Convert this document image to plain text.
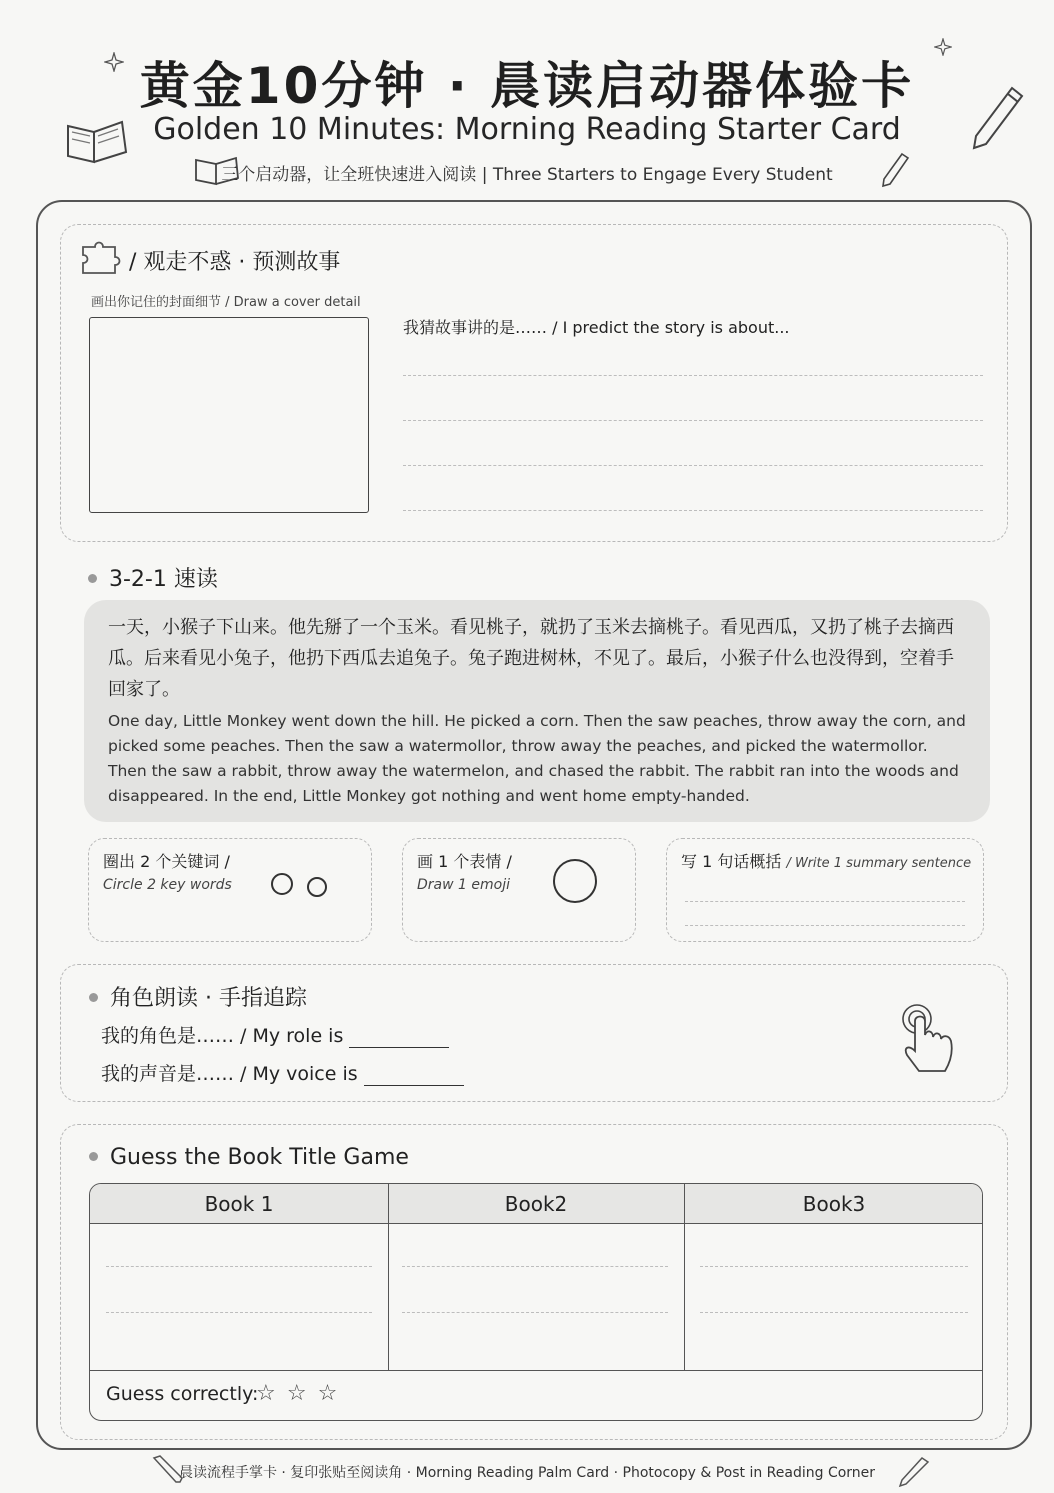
黄金10分钟 · 晨读启动器体验卡
Golden 10 Minutes: Morning Reading Starter Card
三个启动器，让全班快速进入阅读 | Three Starters to Engage Every Student
/ 观走不惑 · 预测故事
画出你记住的封面细节 / Draw a cover detail
我猜故事讲的是…… / I predict the story is about...
3-2-1 速读
一天，小猴子下山来。他先掰了一个玉米。看见桃子，就扔了玉米去摘桃子。看见西瓜，又扔了桃子去摘西瓜。后来看见小兔子，他扔下西瓜去追兔子。兔子跑进树林，不见了。最后，小猴子什么也没得到，空着手回家了。
One day, Little Monkey went down the hill. He picked a corn. Then the saw peaches, throw away the corn, and picked some peaches. Then the saw a watermollor, throw away the peaches, and picked the watermollor. Then the saw a rabbit, throw away the watermelon, and chased the rabbit. The rabbit ran into the woods and disappeared. In the end, Little Monkey got nothing and went home empty-handed.
圈出 2 个关键词 /
Circle 2 key words
画 1 个表情 /
Draw 1 emoji
写 1 句话概括 / Write 1 summary sentence
角色朗读 · 手指追踪
我的角色是…… / My role is
我的声音是…… / My voice is
Guess the Book Title Game
Book 1	Book2	Book3
Guess correctly:
☆ ☆ ☆
晨读流程手掌卡 · 复印张贴至阅读角 · Morning Reading Palm Card · Photocopy & Post in Reading Corner
